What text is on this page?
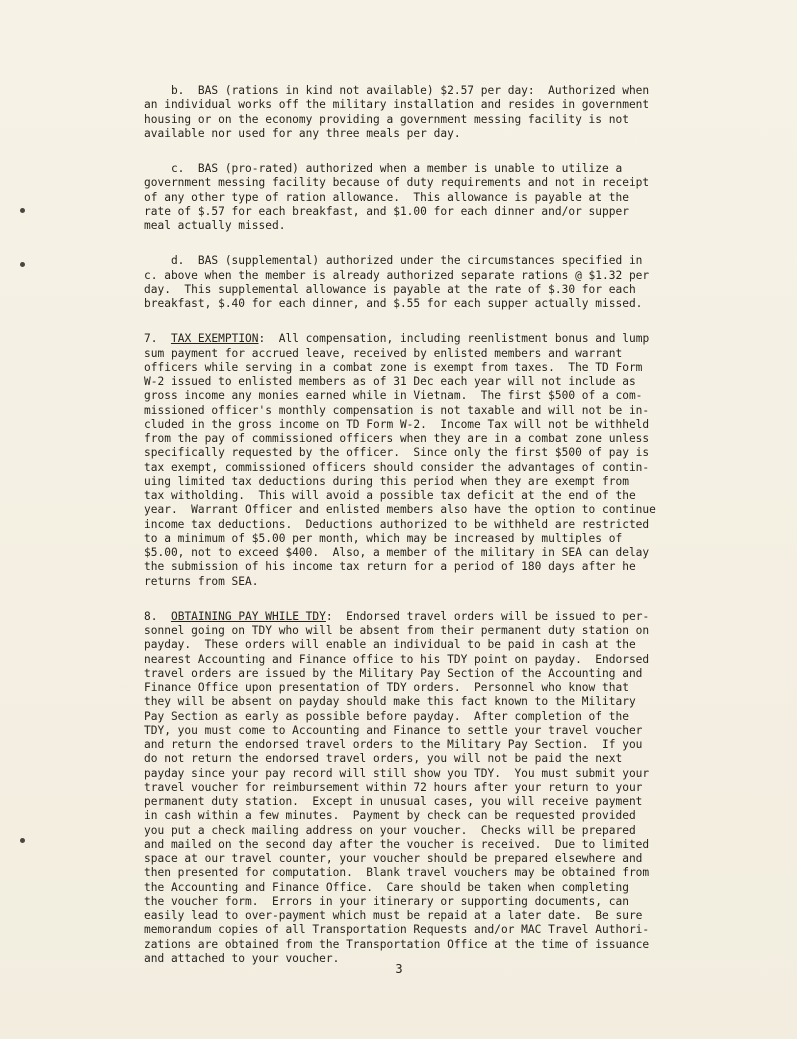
b.  BAS (rations in kind not available) $2.57 per day:  Authorized when
an individual works off the military installation and resides in government
housing or on the economy providing a government messing facility is not
available nor used for any three meals per day.
c.  BAS (pro-rated) authorized when a member is unable to utilize a
government messing facility because of duty requirements and not in receipt
of any other type of ration allowance.  This allowance is payable at the
rate of $.57 for each breakfast, and $1.00 for each dinner and/or supper
meal actually missed.
d.  BAS (supplemental) authorized under the circumstances specified in
c. above when the member is already authorized separate rations @ $1.32 per
day.  This supplemental allowance is payable at the rate of $.30 for each
breakfast, $.40 for each dinner, and $.55 for each supper actually missed.
7. TAX EXEMPTION:  All compensation, including reenlistment bonus and lump
sum payment for accrued leave, received by enlisted members and warrant
officers while serving in a combat zone is exempt from taxes.  The TD Form
W-2 issued to enlisted members as of 31 Dec each year will not include as
gross income any monies earned while in Vietnam.  The first $500 of a com-
missioned officer's monthly compensation is not taxable and will not be in-
cluded in the gross income on TD Form W-2.  Income Tax will not be withheld
from the pay of commissioned officers when they are in a combat zone unless
specifically requested by the officer.  Since only the first $500 of pay is
tax exempt, commissioned officers should consider the advantages of contin-
uing limited tax deductions during this period when they are exempt from
tax witholding.  This will avoid a possible tax deficit at the end of the
year.  Warrant Officer and enlisted members also have the option to continue
income tax deductions.  Deductions authorized to be withheld are restricted
to a minimum of $5.00 per month, which may be increased by multiples of
$5.00, not to exceed $400.  Also, a member of the military in SEA can delay
the submission of his income tax return for a period of 180 days after he
returns from SEA.
8. OBTAINING PAY WHILE TDY:  Endorsed travel orders will be issued to per-
sonnel going on TDY who will be absent from their permanent duty station on
payday.  These orders will enable an individual to be paid in cash at the
nearest Accounting and Finance office to his TDY point on payday.  Endorsed
travel orders are issued by the Military Pay Section of the Accounting and
Finance Office upon presentation of TDY orders.  Personnel who know that
they will be absent on payday should make this fact known to the Military
Pay Section as early as possible before payday.  After completion of the
TDY, you must come to Accounting and Finance to settle your travel voucher
and return the endorsed travel orders to the Military Pay Section.  If you
do not return the endorsed travel orders, you will not be paid the next
payday since your pay record will still show you TDY.  You must submit your
travel voucher for reimbursement within 72 hours after your return to your
permanent duty station.  Except in unusual cases, you will receive payment
in cash within a few minutes.  Payment by check can be requested provided
you put a check mailing address on your voucher.  Checks will be prepared
and mailed on the second day after the voucher is received.  Due to limited
space at our travel counter, your voucher should be prepared elsewhere and
then presented for computation.  Blank travel vouchers may be obtained from
the Accounting and Finance Office.  Care should be taken when completing
the voucher form.  Errors in your itinerary or supporting documents, can
easily lead to over-payment which must be repaid at a later date.  Be sure
memorandum copies of all Transportation Requests and/or MAC Travel Authori-
zations are obtained from the Transportation Office at the time of issuance
and attached to your voucher.
3
